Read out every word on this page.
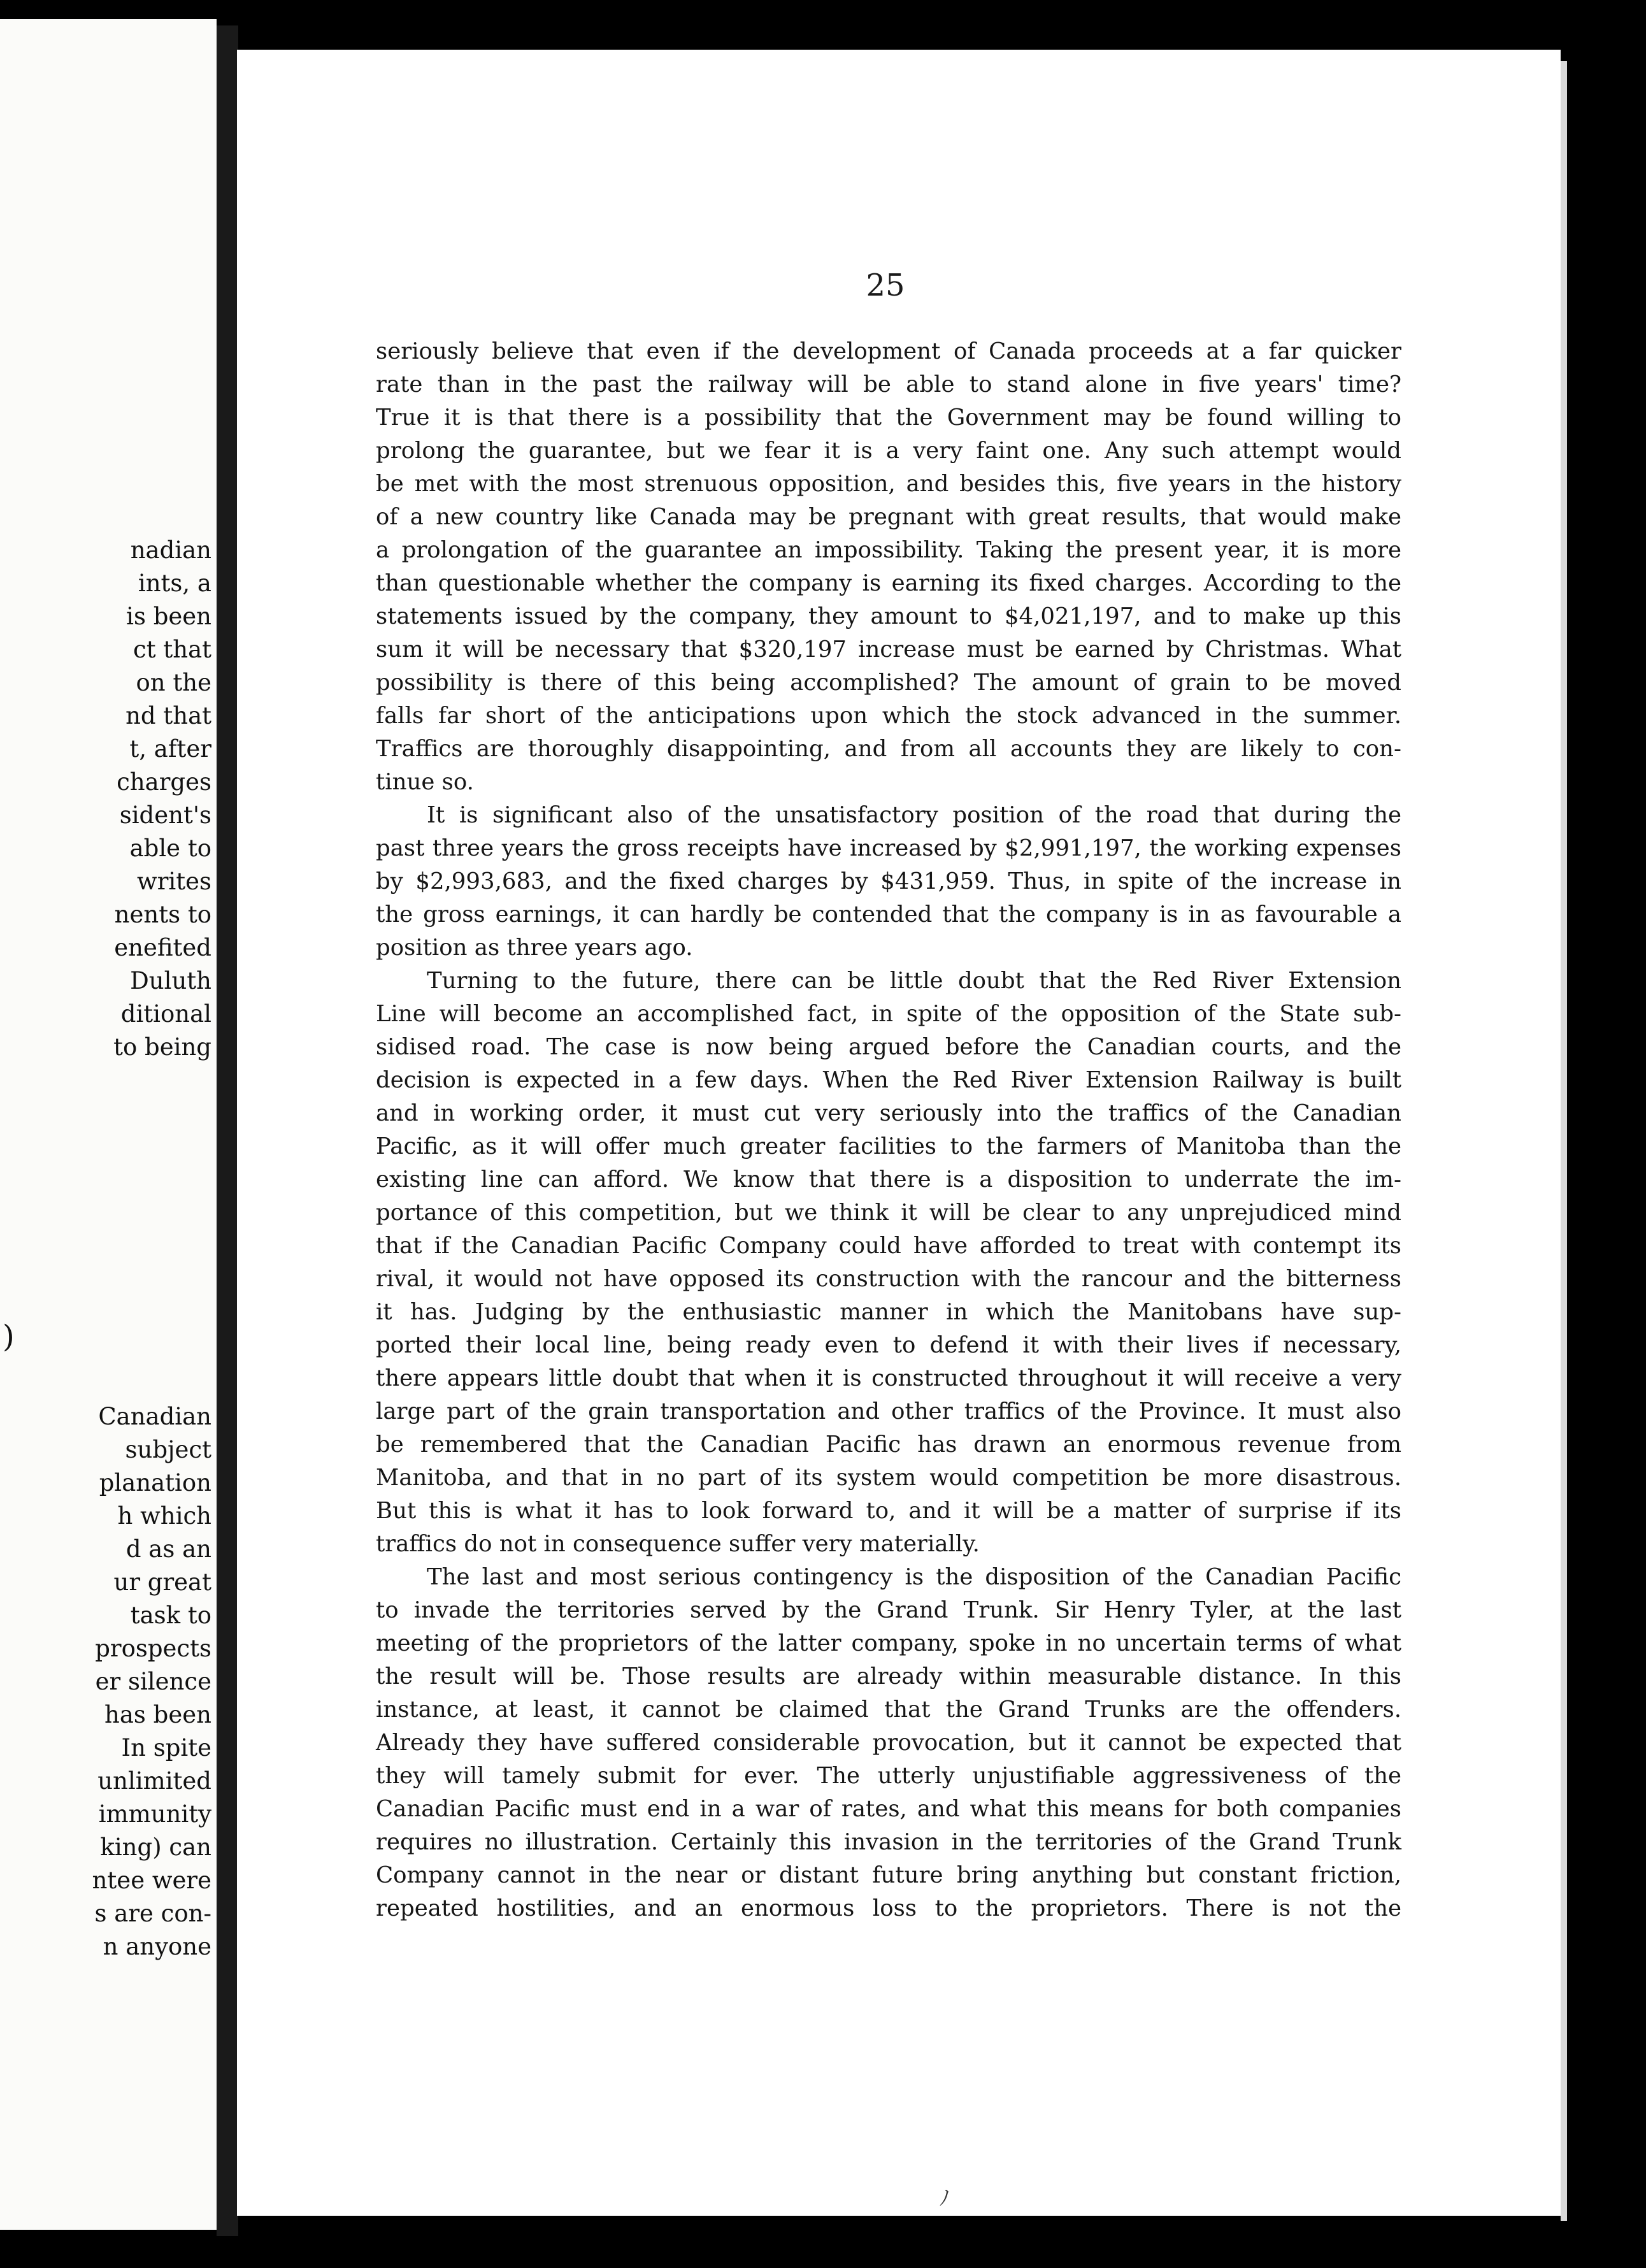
nadian
ints, a
is been
ct that
on the
nd that
t, after
charges
sident's
able to
writes
nents to
enefited
Duluth
ditional
to being
)
Canadian
subject
planation
h which
d as an
ur great
task to
prospects
er silence
has been
In spite
unlimited
immunity
king) can
ntee were
s are con-
n anyone
25
seriously believe that even if the development of Canada proceeds at a far quicker
rate than in the past the railway will be able to stand alone in five years' time?
True it is that there is a possibility that the Government may be found willing to
prolong the guarantee, but we fear it is a very faint one. Any such attempt would
be met with the most strenuous opposition, and besides this, five years in the history
of a new country like Canada may be pregnant with great results, that would make
a prolongation of the guarantee an impossibility. Taking the present year, it is more
than questionable whether the company is earning its fixed charges. According to the
statements issued by the company, they amount to $4,021,197, and to make up this
sum it will be necessary that $320,197 increase must be earned by Christmas. What
possibility is there of this being accomplished? The amount of grain to be moved
falls far short of the anticipations upon which the stock advanced in the summer.
Traffics are thoroughly disappointing, and from all accounts they are likely to con-
tinue so.
It is significant also of the unsatisfactory position of the road that during the
past three years the gross receipts have increased by $2,991,197, the working expenses
by $2,993,683, and the fixed charges by $431,959. Thus, in spite of the increase in
the gross earnings, it can hardly be contended that the company is in as favourable a
position as three years ago.
Turning to the future, there can be little doubt that the Red River Extension
Line will become an accomplished fact, in spite of the opposition of the State sub-
sidised road. The case is now being argued before the Canadian courts, and the
decision is expected in a few days. When the Red River Extension Railway is built
and in working order, it must cut very seriously into the traffics of the Canadian
Pacific, as it will offer much greater facilities to the farmers of Manitoba than the
existing line can afford. We know that there is a disposition to underrate the im-
portance of this competition, but we think it will be clear to any unprejudiced mind
that if the Canadian Pacific Company could have afforded to treat with contempt its
rival, it would not have opposed its construction with the rancour and the bitterness
it has. Judging by the enthusiastic manner in which the Manitobans have sup-
ported their local line, being ready even to defend it with their lives if necessary,
there appears little doubt that when it is constructed throughout it will receive a very
large part of the grain transportation and other traffics of the Province. It must also
be remembered that the Canadian Pacific has drawn an enormous revenue from
Manitoba, and that in no part of its system would competition be more disastrous.
But this is what it has to look forward to, and it will be a matter of surprise if its
traffics do not in consequence suffer very materially.
The last and most serious contingency is the disposition of the Canadian Pacific
to invade the territories served by the Grand Trunk. Sir Henry Tyler, at the last
meeting of the proprietors of the latter company, spoke in no uncertain terms of what
the result will be. Those results are already within measurable distance. In this
instance, at least, it cannot be claimed that the Grand Trunks are the offenders.
Already they have suffered considerable provocation, but it cannot be expected that
they will tamely submit for ever. The utterly unjustifiable aggressiveness of the
Canadian Pacific must end in a war of rates, and what this means for both companies
requires no illustration. Certainly this invasion in the territories of the Grand Trunk
Company cannot in the near or distant future bring anything but constant friction,
repeated hostilities, and an enormous loss to the proprietors. There is not the
ﾉ
